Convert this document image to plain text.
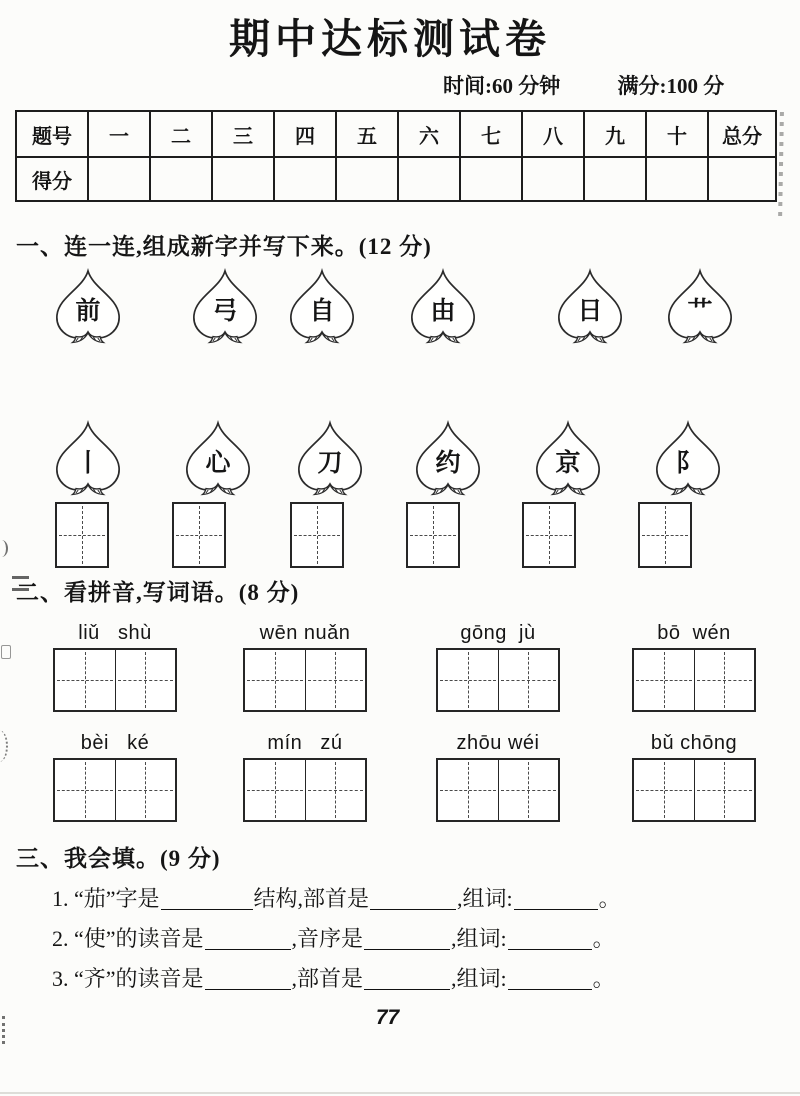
期中达标测试卷
时间:60 分钟	满分:100 分
题号	一	二	三	四	五	六	七	八	九	十	总分
得分											
一、连一连,组成新字并写下来。(12 分)
前	弓	自	由	日	艹
丨	心	刀	约	京	阝
二、看拼音,写词语。(8 分)
liǔ   shù	wēn nuǎn	gōng  jù	bō  wén
bèi   ké	mín   zú	zhōu wéi	bǔ chōng
三、我会填。(9 分)
1. “茄”字是	结构,部首是	,组词:	。
2. “使”的读音是	,音序是	,组词:	。
3. “齐”的读音是	,部首是	,组词:	。
77
